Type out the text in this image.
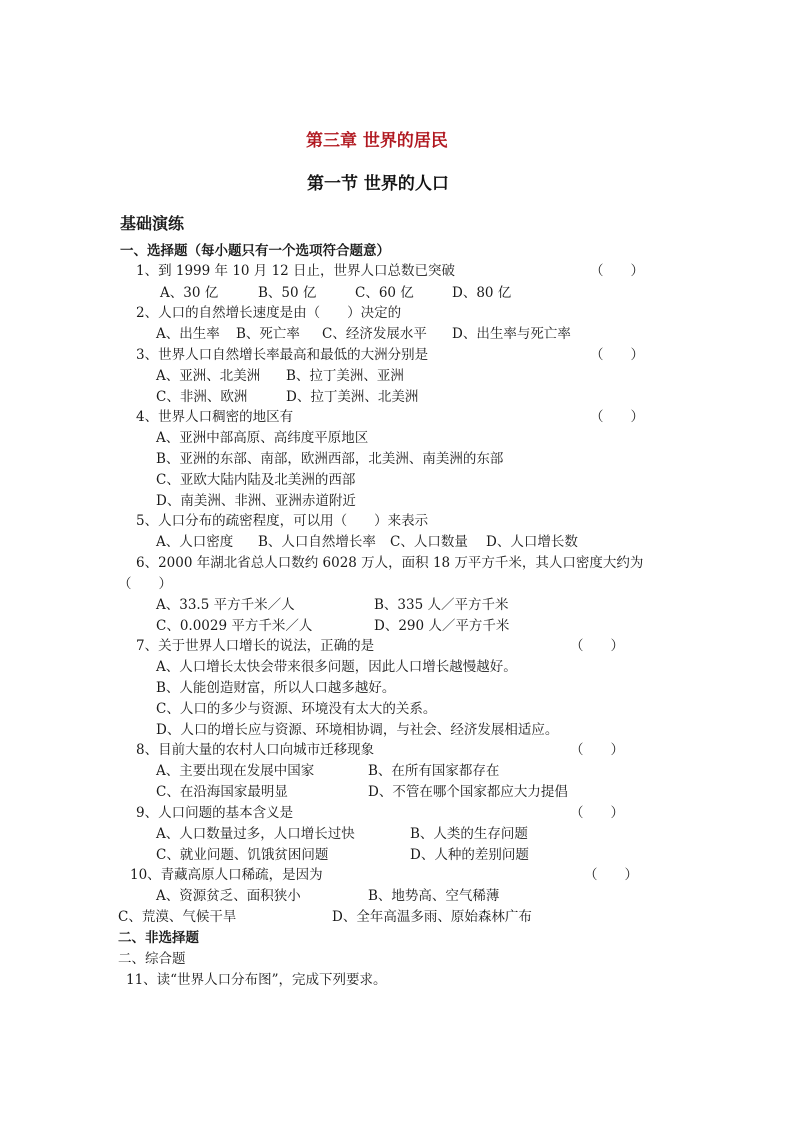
第三章 世界的居民
第一节 世界的人口
基础演练
一、选择题（每小题只有一个选项符合题意）
1、到 1999 年 10 月 12 日止，世界人口总数已突破	（　　）
A、30 亿	B、50 亿	C、60 亿	D、80 亿
2、人口的自然增长速度是由（　　）决定的
A、出生率 B、死亡率 C、经济发展水平 D、出生率与死亡率
3、世界人口自然增长率最高和最低的大洲分别是	（　　）
A、亚洲、北美洲 B、拉丁美洲、亚洲
C、非洲、欧洲	D、拉丁美洲、北美洲
4、世界人口稠密的地区有	（　　）
A、亚洲中部高原、高纬度平原地区
B、亚洲的东部、南部，欧洲西部，北美洲、南美洲的东部
C、亚欧大陆内陆及北美洲的西部
D、南美洲、非洲、亚洲赤道附近
5、人口分布的疏密程度，可以用（　　）来表示
A、人口密度 B、人口自然增长率 C、人口数量 D、人口增长数
6、2000 年湖北省总人口数约 6028 万人，面积 18 万平方千米，其人口密度大约为
（　　）
A、33.5 平方千米／人	B、335 人／平方千米
C、0.0029 平方千米／人	D、290 人／平方千米
7、关于世界人口增长的说法，正确的是	（　　）
A、人口增长太快会带来很多问题，因此人口增长越慢越好。
B、人能创造财富，所以人口越多越好。
C、人口的多少与资源、环境没有太大的关系。
D、人口的增长应与资源、环境相协调，与社会、经济发展相适应。
8、目前大量的农村人口向城市迁移现象	（　　）
A、主要出现在发展中国家	B、在所有国家都存在
C、在沿海国家最明显	D、不管在哪个国家都应大力提倡
9、人口问题的基本含义是	（　　）
A、人口数量过多，人口增长过快	B、人类的生存问题
C、就业问题、饥饿贫困问题	D、人种的差别问题
10、青藏高原人口稀疏，是因为	（　　）
A、资源贫乏、面积狭小	B、地势高、空气稀薄
C、荒漠、气候干旱	D、全年高温多雨、原始森林广布
二、非选择题
二、综合题
11、读“世界人口分布图”，完成下列要求。
